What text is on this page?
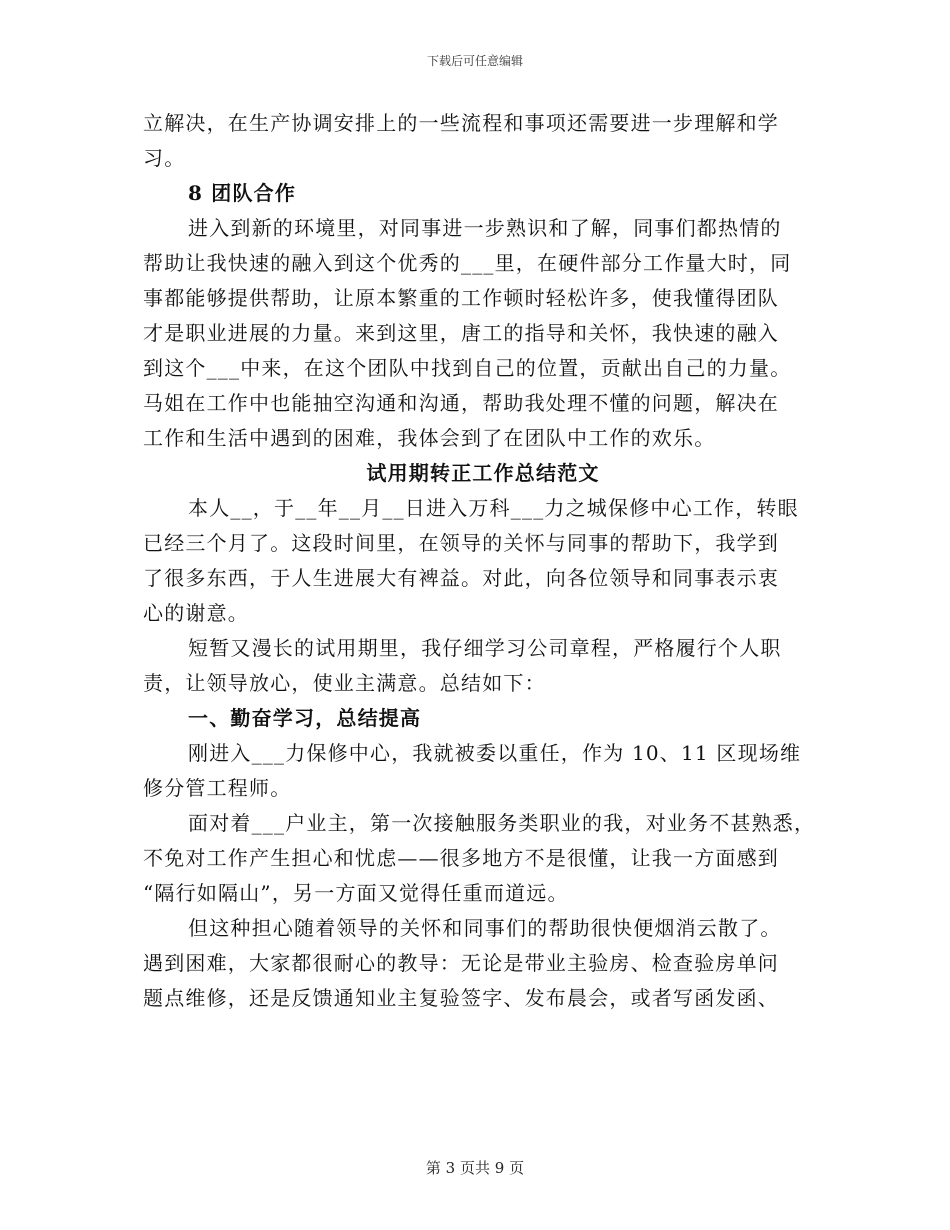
下载后可任意编辑
立解决，在生产协调安排上的一些流程和事项还需要进一步理解和学
习。
8 团队合作
进入到新的环境里，对同事进一步熟识和了解，同事们都热情的
帮助让我快速的融入到这个优秀的___里，在硬件部分工作量大时，同
事都能够提供帮助，让原本繁重的工作顿时轻松许多，使我懂得团队
才是职业进展的力量。来到这里，唐工的指导和关怀，我快速的融入
到这个___中来，在这个团队中找到自己的位置，贡献出自己的力量。
马姐在工作中也能抽空沟通和沟通，帮助我处理不懂的问题，解决在
工作和生活中遇到的困难，我体会到了在团队中工作的欢乐。
试用期转正工作总结范文
本人__，于__年__月__日进入万科___力之城保修中心工作，转眼
已经三个月了。这段时间里，在领导的关怀与同事的帮助下，我学到
了很多东西，于人生进展大有裨益。对此，向各位领导和同事表示衷
心的谢意。
短暂又漫长的试用期里，我仔细学习公司章程，严格履行个人职
责，让领导放心，使业主满意。总结如下：
一、勤奋学习，总结提高
刚进入___力保修中心，我就被委以重任，作为 10、11 区现场维
修分管工程师。
面对着___户业主，第一次接触服务类职业的我，对业务不甚熟悉，
不免对工作产生担心和忧虑——很多地方不是很懂，让我一方面感到
“隔行如隔山”，另一方面又觉得任重而道远。
但这种担心随着领导的关怀和同事们的帮助很快便烟消云散了。
遇到困难，大家都很耐心的教导：无论是带业主验房、检查验房单问
题点维修，还是反馈通知业主复验签字、发布晨会，或者写函发函、
第 3 页共 9 页
